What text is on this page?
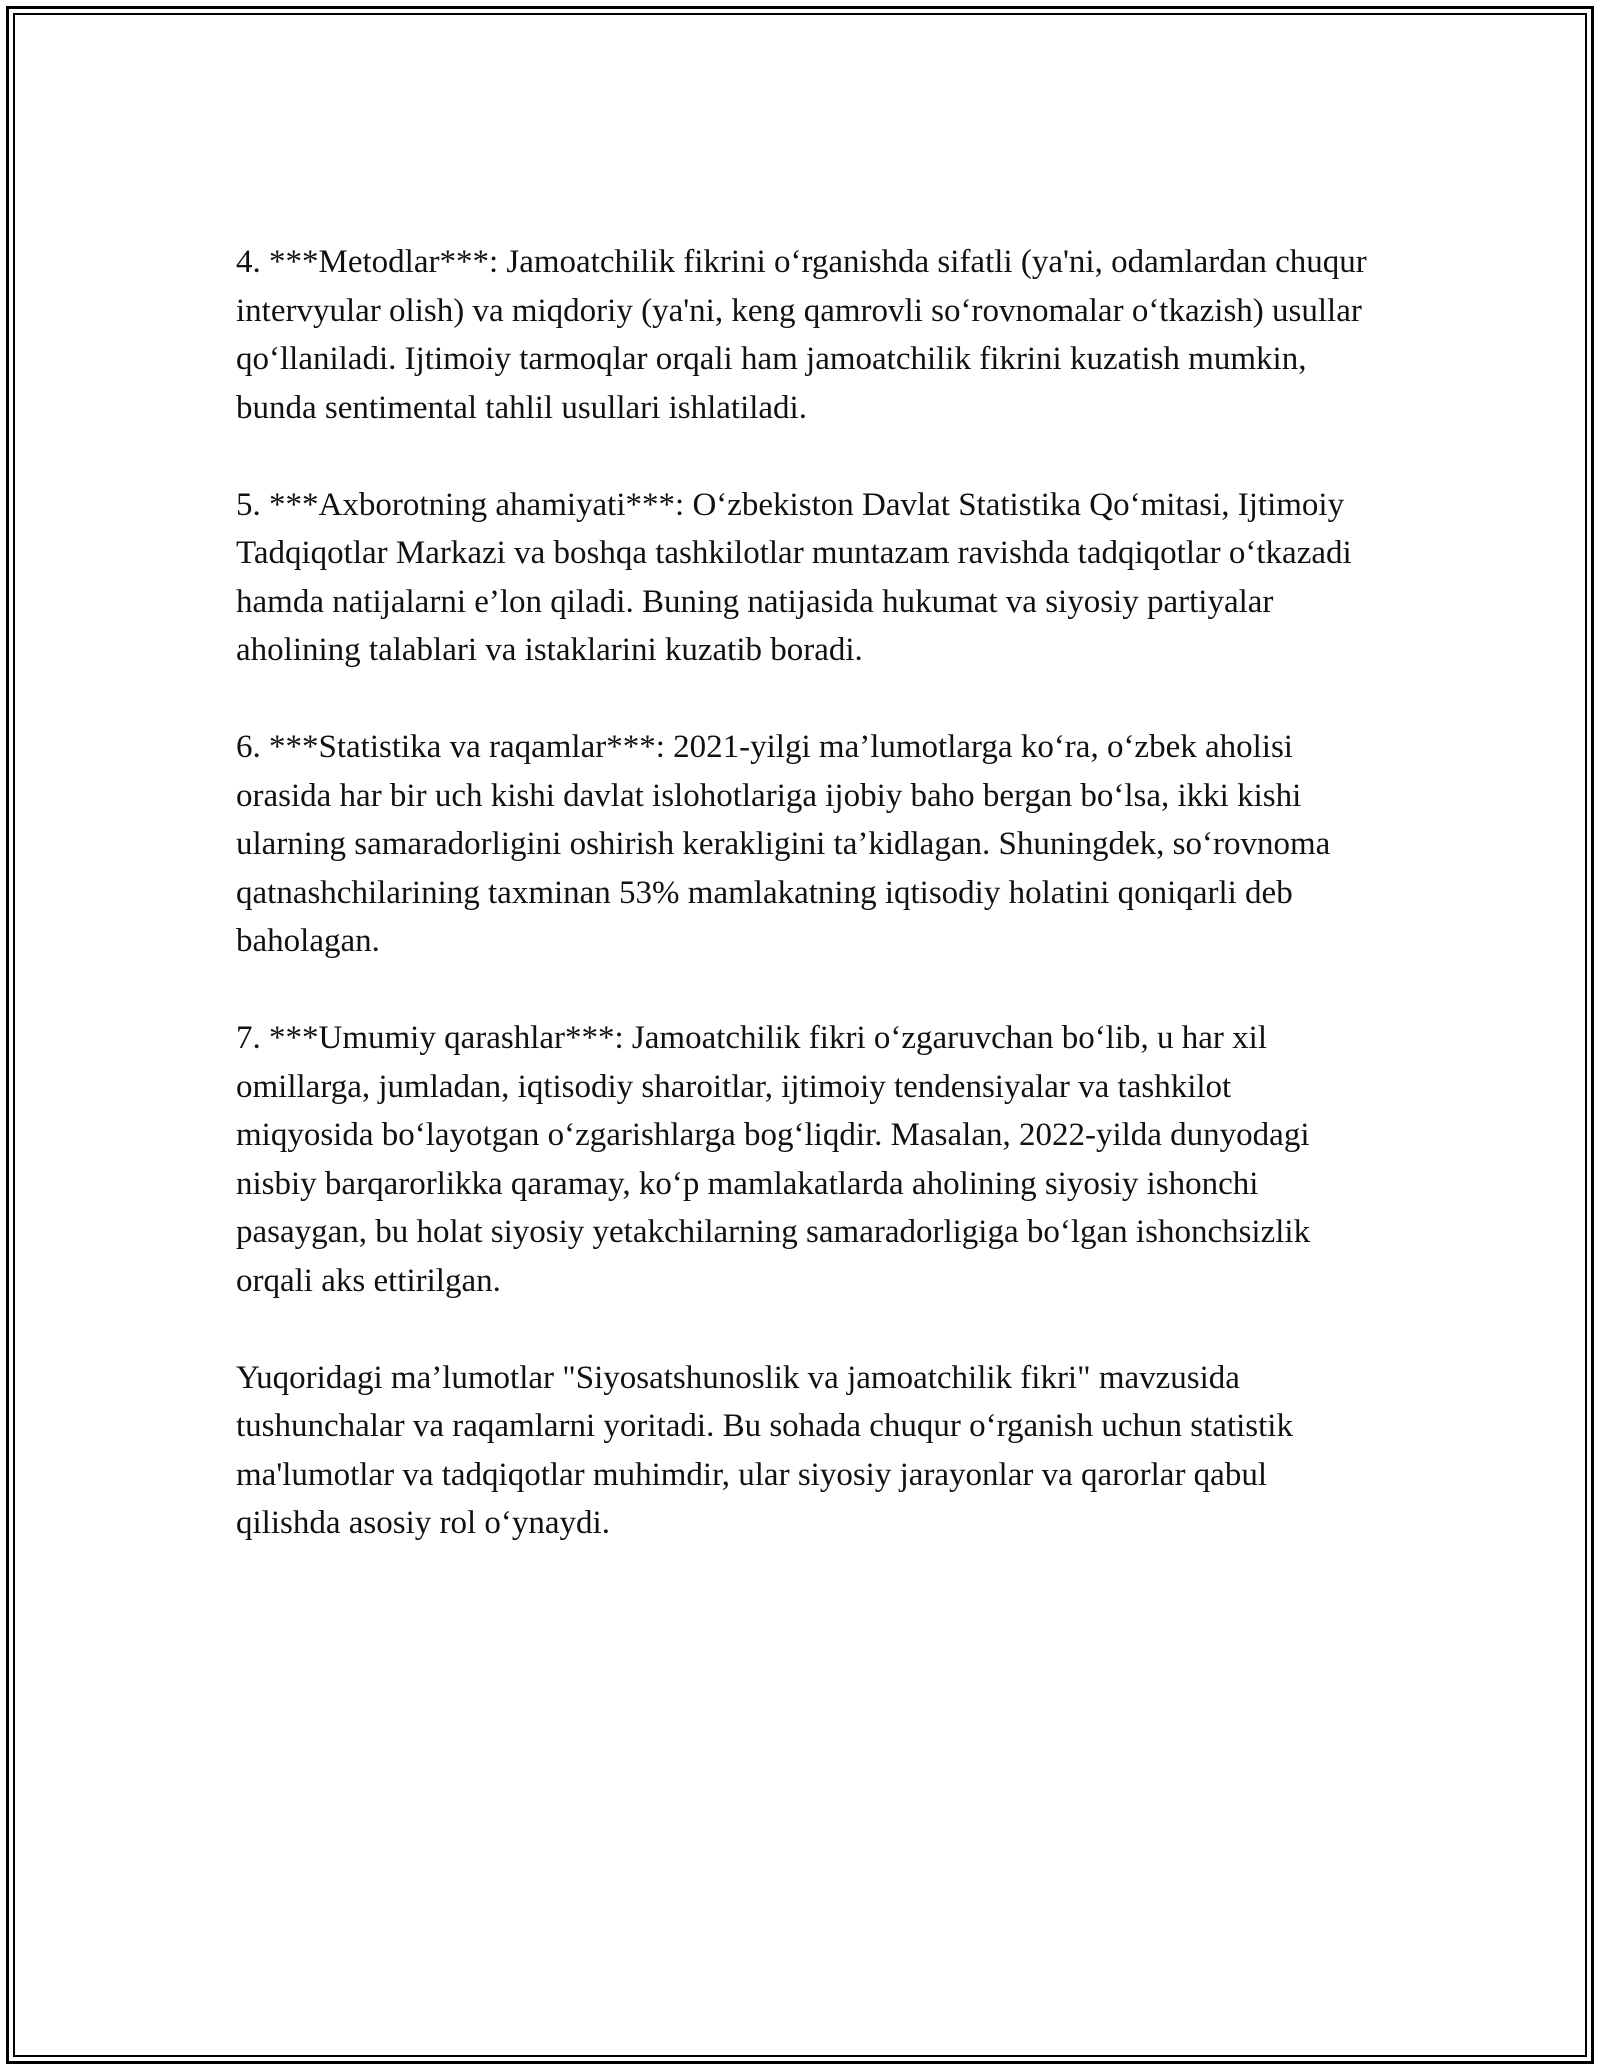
4. ***Metodlar***: Jamoatchilik fikrini o‘rganishda sifatli (ya'ni, odamlardan chuqur intervyular olish) va miqdoriy (ya'ni, keng qamrovli so‘rovnomalar o‘tkazish) usullar qo‘llaniladi. Ijtimoiy tarmoqlar orqali ham jamoatchilik fikrini kuzatish mumkin, bunda sentimental tahlil usullari ishlatiladi.

5. ***Axborotning ahamiyati***: O‘zbekiston Davlat Statistika Qo‘mitasi, Ijtimoiy Tadqiqotlar Markazi va boshqa tashkilotlar muntazam ravishda tadqiqotlar o‘tkazadi hamda natijalarni e’lon qiladi. Buning natijasida hukumat va siyosiy partiyalar aholining talablari va istaklarini kuzatib boradi.

6. ***Statistika va raqamlar***: 2021-yilgi ma’lumotlarga ko‘ra, o‘zbek aholisi orasida har bir uch kishi davlat islohotlariga ijobiy baho bergan bo‘lsa, ikki kishi ularning samaradorligini oshirish kerakligini ta’kidlagan. Shuningdek, so‘rovnoma qatnashchilarining taxminan 53% mamlakatning iqtisodiy holatini qoniqarli deb baholagan.

7. ***Umumiy qarashlar***: Jamoatchilik fikri o‘zgaruvchan bo‘lib, u har xil omillarga, jumladan, iqtisodiy sharoitlar, ijtimoiy tendensiyalar va tashkilot miqyosida bo‘layotgan o‘zgarishlarga bog‘liqdir. Masalan, 2022-yilda dunyodagi nisbiy barqarorlikka qaramay, ko‘p mamlakatlarda aholining siyosiy ishonchi pasaygan, bu holat siyosiy yetakchilarning samaradorligiga bo‘lgan ishonchsizlik orqali aks ettirilgan.

Yuqoridagi ma’lumotlar "Siyosatshunoslik va jamoatchilik fikri" mavzusida tushunchalar va raqamlarni yoritadi. Bu sohada chuqur o‘rganish uchun statistik ma'lumotlar va tadqiqotlar muhimdir, ular siyosiy jarayonlar va qarorlar qabul qilishda asosiy rol o‘ynaydi.
